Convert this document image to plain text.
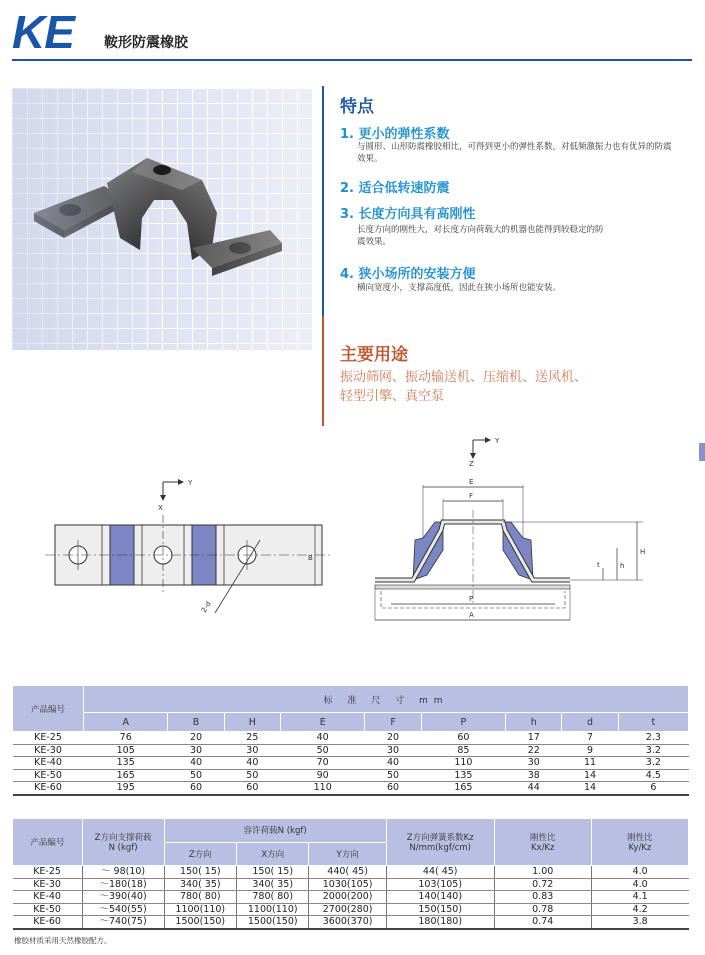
KE 鞍形防震橡胶
特点
1. 更小的弹性系数
与圆形、山形防震橡胶相比，可得到更小的弹性系数，对低频激振力也有优异的防震效果。
2. 适合低转速防震
3. 长度方向具有高刚性
长度方向的刚性大，对长度方向荷载大的机器也能得到较稳定的防
震效果。
4. 狭小场所的安装方便
横向宽度小，支撑高度低，因此在狭小场所也能安装。
主要用途
振动筛网、振动输送机、压缩机、送风机、
轻型引擎、真空泵
Y
X
2-d
B
Y
Z
E
F
P
A
H
h
t
产品编号	标 准 尺 寸 mm								
	A	B	H	E	F	P	h	d	t
KE-25	76	20	25	40	20	60	17	7	2.3
KE-30	105	30	30	50	30	85	22	9	3.2
KE-40	135	40	40	70	40	110	30	11	3.2
KE-50	165	50	50	90	50	135	38	14	4.5
KE-60	195	60	60	110	60	165	44	14	6
产品编号	Z方向支撑荷载
N (kgf)	容许荷载N (kgf)			Z方向弹簧系数Kz
N/mm(kgf/cm)	刚性比
Kx/Kz	刚性比
Ky/Kz
		Z方向	X方向	Y方向			
KE-25	～ 98(10)	150( 15)	150( 15)	440( 45)	44( 45)	1.00	4.0
KE-30	～180(18)	340( 35)	340( 35)	1030(105)	103(105)	0.72	4.0
KE-40	～390(40)	780( 80)	780( 80)	2000(200)	140(140)	0.83	4.1
KE-50	～540(55)	1100(110)	1100(110)	2700(280)	150(150)	0.78	4.2
KE-60	～740(75)	1500(150)	1500(150)	3600(370)	180(180)	0.74	3.8
橡胶材质采用天然橡胶配方。
